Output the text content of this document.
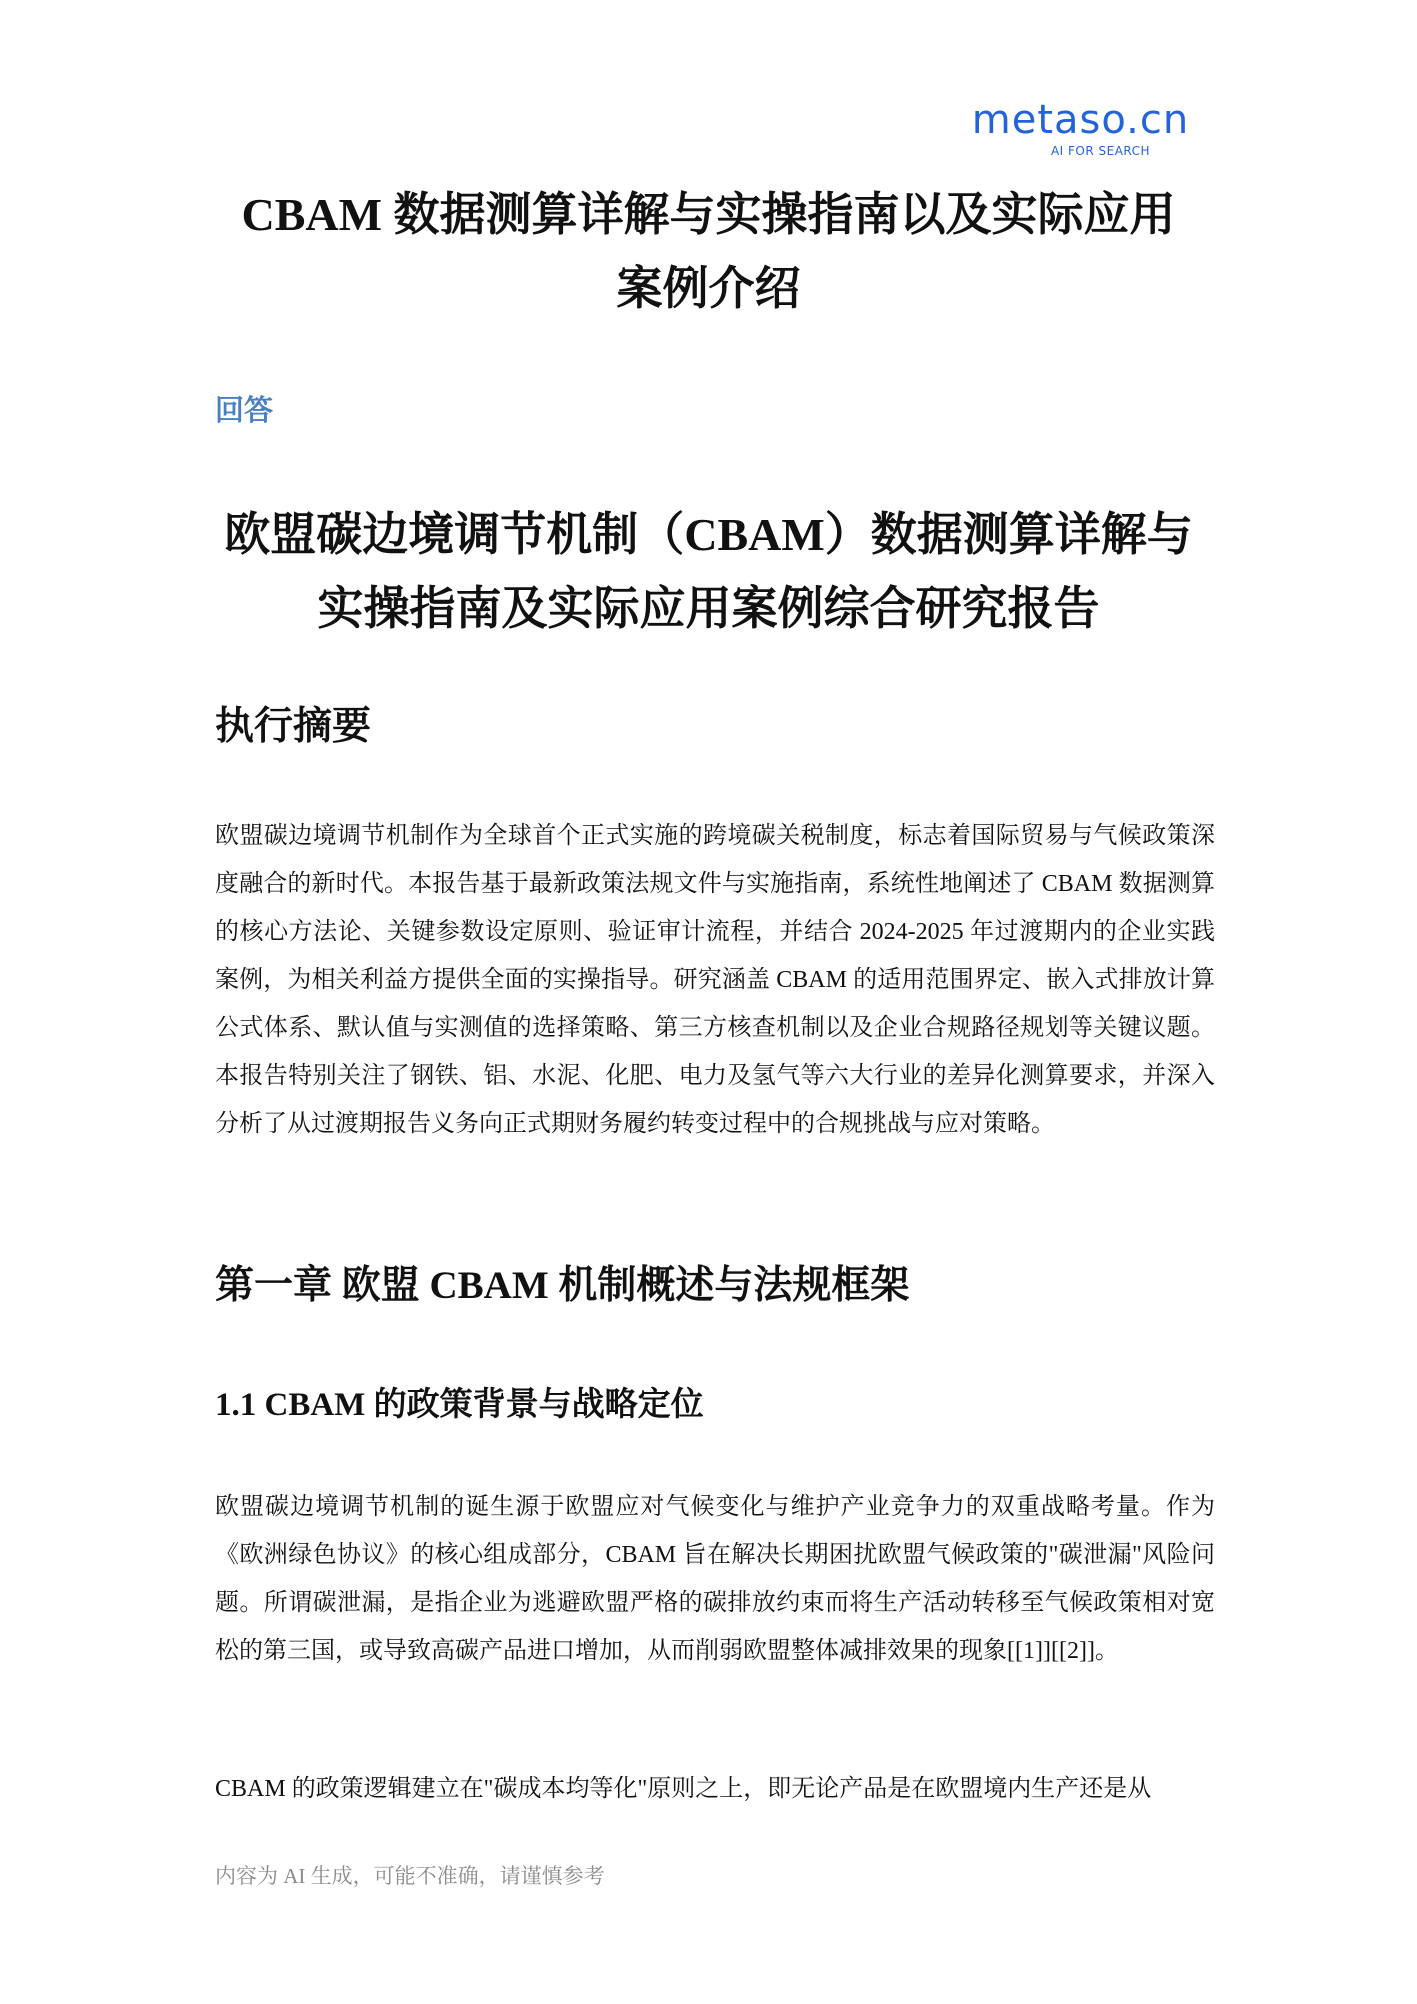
metaso.cn
AI FOR SEARCH
CBAM 数据测算详解与实操指南以及实际应用
案例介绍
回答
欧盟碳边境调节机制（CBAM）数据测算详解与
实操指南及实际应用案例综合研究报告
执行摘要

欧盟碳边境调节机制作为全球首个正式实施的跨境碳关税制度，标志着国际贸易与气候政策深度融合的新时代。本报告基于最新政策法规文件与实施指南，系统性地阐述了 CBAM 数据测算的核心方法论、关键参数设定原则、验证审计流程，并结合 2024-2025 年过渡期内的企业实践案例，为相关利益方提供全面的实操指导。研究涵盖 CBAM 的适用范围界定、嵌入式排放计算公式体系、默认值与实测值的选择策略、第三方核查机制以及企业合规路径规划等关键议题。本报告特别关注了钢铁、铝、水泥、化肥、电力及氢气等六大行业的差异化测算要求，并深入分析了从过渡期报告义务向正式期财务履约转变过程中的合规挑战与应对策略。

第一章 欧盟 CBAM 机制概述与法规框架
1.1 CBAM 的政策背景与战略定位

欧盟碳边境调节机制的诞生源于欧盟应对气候变化与维护产业竞争力的双重战略考量。作为《欧洲绿色协议》的核心组成部分，CBAM 旨在解决长期困扰欧盟气候政策的"碳泄漏"风险问题。所谓碳泄漏，是指企业为逃避欧盟严格的碳排放约束而将生产活动转移至气候政策相对宽松的第三国，或导致高碳产品进口增加，从而削弱欧盟整体减排效果的现象[[1]][[2]]。

CBAM 的政策逻辑建立在"碳成本均等化"原则之上，即无论产品是在欧盟境内生产还是从

内容为 AI 生成，可能不准确，请谨慎参考
